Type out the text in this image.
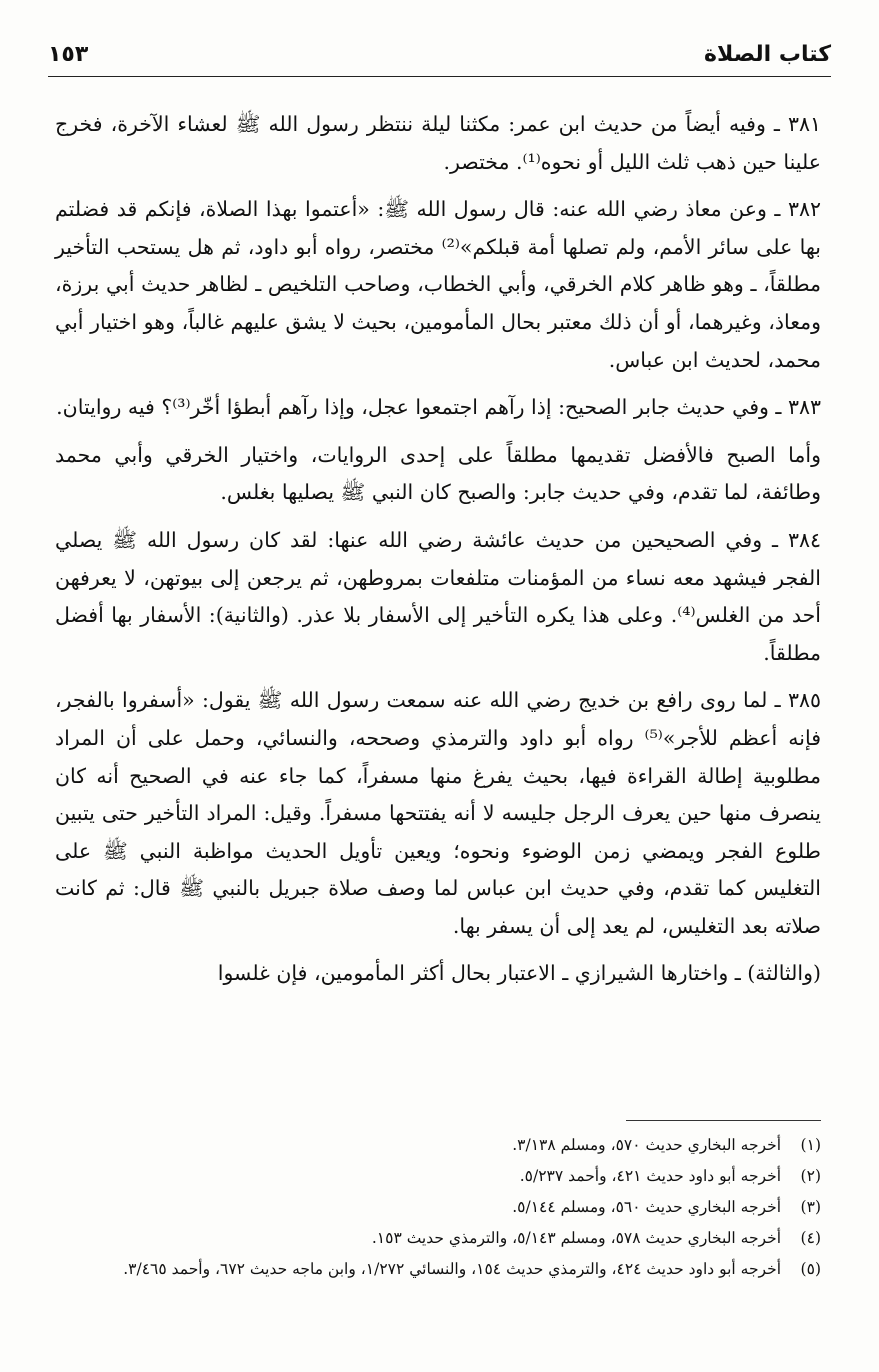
كتاب الصلاة
١٥٣

٣٨١ ـ وفيه أيضاً من حديث ابن عمر: مكثنا ليلة ننتظر رسول الله ﷺ لعشاء الآخرة، فخرج علينا حين ذهب ثلث الليل أو نحوه⁽¹⁾. مختصر.

٣٨٢ ـ وعن معاذ رضي الله عنه: قال رسول الله ﷺ: «أعتموا بهذا الصلاة، فإنكم قد فضلتم بها على سائر الأمم، ولم تصلها أمة قبلكم»⁽²⁾ مختصر، رواه أبو داود، ثم هل يستحب التأخير مطلقاً، ـ وهو ظاهر كلام الخرقي، وأبي الخطاب، وصاحب التلخيص ـ لظاهر حديث أبي برزة، ومعاذ، وغيرهما، أو أن ذلك معتبر بحال المأمومين، بحيث لا يشق عليهم غالباً، وهو اختيار أبي محمد، لحديث ابن عباس.

٣٨٣ ـ وفي حديث جابر الصحيح: إذا رآهم اجتمعوا عجل، وإذا رآهم أبطؤا أخّر⁽³⁾؟ فيه روايتان.

وأما الصبح فالأفضل تقديمها مطلقاً على إحدى الروايات، واختيار الخرقي وأبي محمد وطائفة، لما تقدم، وفي حديث جابر: والصبح كان النبي ﷺ يصليها بغلس.

٣٨٤ ـ وفي الصحيحين من حديث عائشة رضي الله عنها: لقد كان رسول الله ﷺ يصلي الفجر فيشهد معه نساء من المؤمنات متلفعات بمروطهن، ثم يرجعن إلى بيوتهن، لا يعرفهن أحد من الغلس⁽⁴⁾. وعلى هذا يكره التأخير إلى الأسفار بلا عذر. (والثانية): الأسفار بها أفضل مطلقاً.

٣٨٥ ـ لما روى رافع بن خديج رضي الله عنه سمعت رسول الله ﷺ يقول: «أسفروا بالفجر، فإنه أعظم للأجر»⁽⁵⁾ رواه أبو داود والترمذي وصححه، والنسائي، وحمل على أن المراد مطلوبية إطالة القراءة فيها، بحيث يفرغ منها مسفراً، كما جاء عنه في الصحيح أنه كان ينصرف منها حين يعرف الرجل جليسه لا أنه يفتتحها مسفراً. وقيل: المراد التأخير حتى يتبين طلوع الفجر ويمضي زمن الوضوء ونحوه؛ ويعين تأويل الحديث مواظبة النبي ﷺ على التغليس كما تقدم، وفي حديث ابن عباس لما وصف صلاة جبريل بالنبي ﷺ قال: ثم كانت صلاته بعد التغليس، لم يعد إلى أن يسفر بها.

(والثالثة) ـ واختارها الشيرازي ـ الاعتبار بحال أكثر المأمومين، فإن غلسوا

(١)
أخرجه البخاري حديث ٥٧٠، ومسلم ٣/١٣٨.
(٢)
أخرجه أبو داود حديث ٤٢١، وأحمد ٥/٢٣٧.
(٣)
أخرجه البخاري حديث ٥٦٠، ومسلم ٥/١٤٤.
(٤)
أخرجه البخاري حديث ٥٧٨، ومسلم ٥/١٤٣، والترمذي حديث ١٥٣.
(٥)
أخرجه أبو داود حديث ٤٢٤، والترمذي حديث ١٥٤، والنسائي ١/٢٧٢، وابن ماجه حديث ٦٧٢، وأحمد ٣/٤٦٥.
